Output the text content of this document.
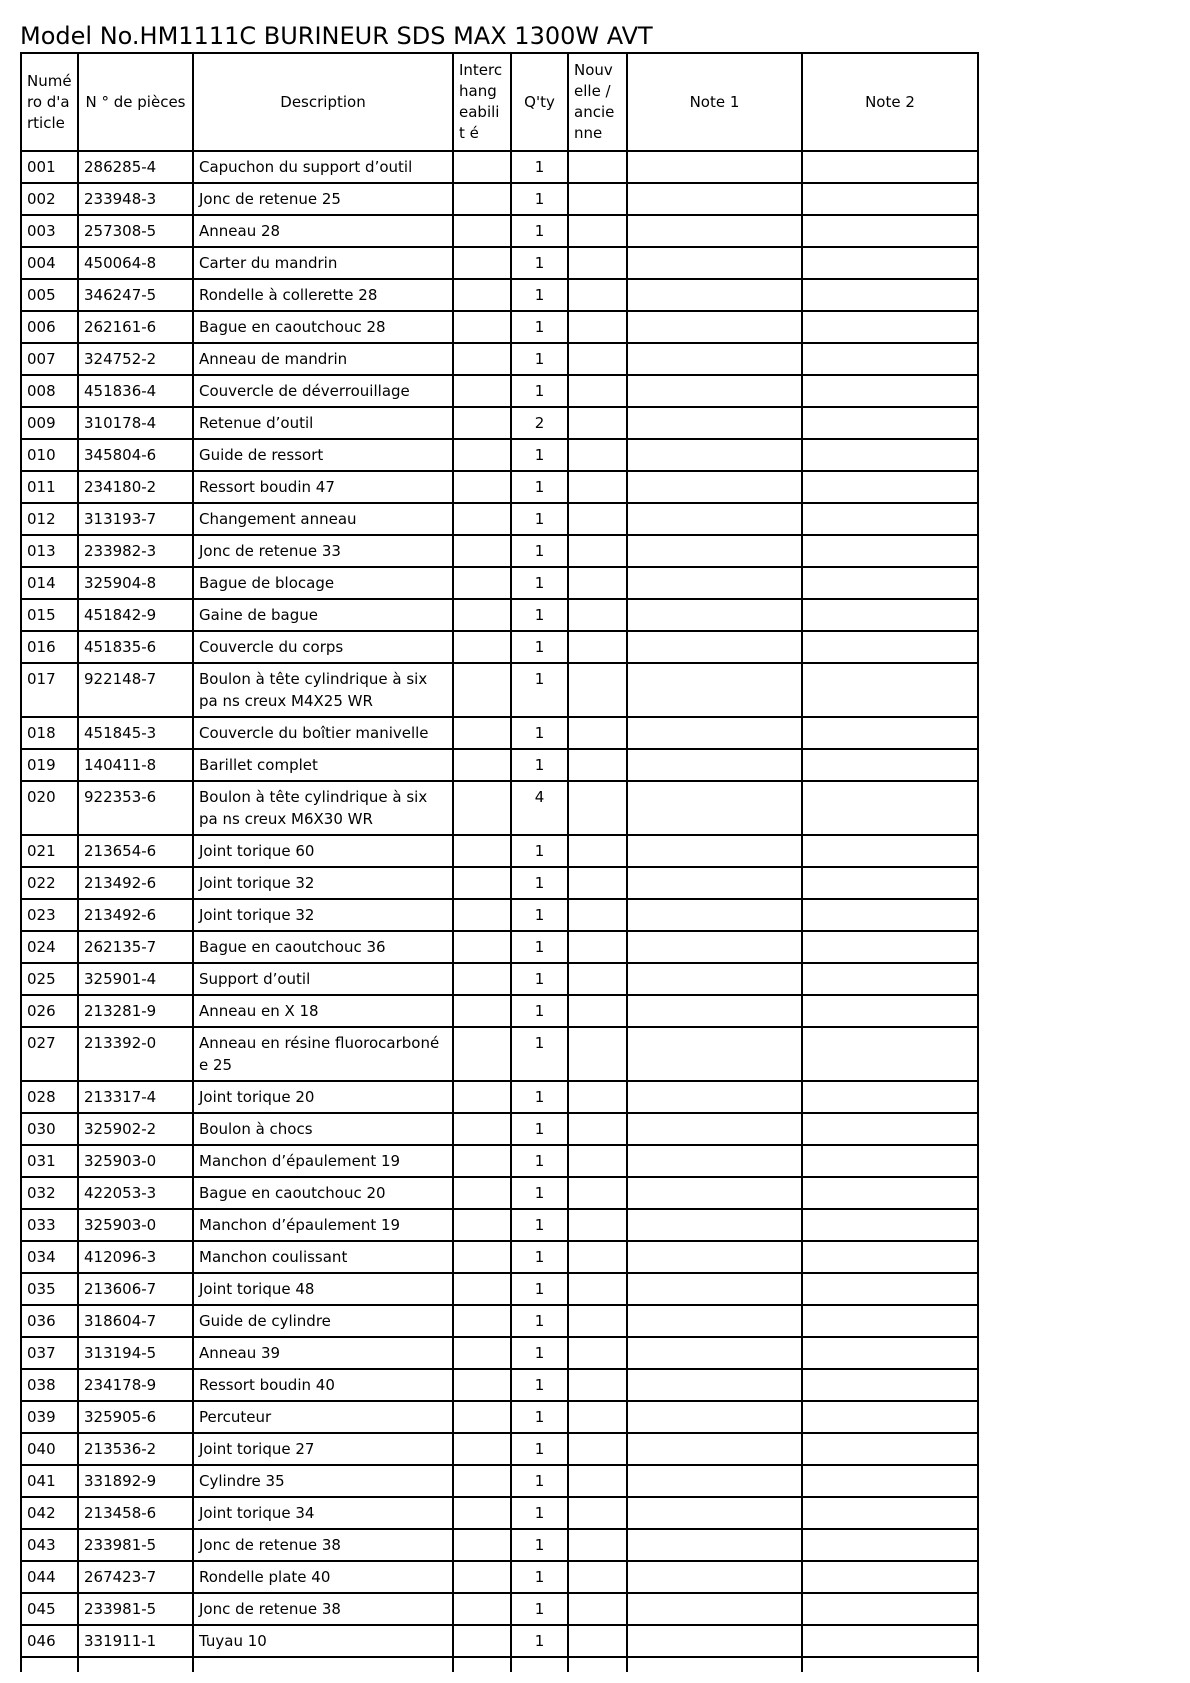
Model No.HM1111C BURINEUR SDS MAX 1300W AVT
Numé ro d'a rticle	N ° de pièces	Description	Interc hang eabilit é	Q'ty	Nouv elle / ancie nne	Note 1	Note 2
001	286285-4	Capuchon du support d’outil		1			
002	233948-3	Jonc de retenue 25		1			
003	257308-5	Anneau 28		1			
004	450064-8	Carter du mandrin		1			
005	346247-5	Rondelle à collerette 28		1			
006	262161-6	Bague en caoutchouc 28		1			
007	324752-2	Anneau de mandrin		1			
008	451836-4	Couvercle de déverrouillage		1			
009	310178-4	Retenue d’outil		2			
010	345804-6	Guide de ressort		1			
011	234180-2	Ressort boudin 47		1			
012	313193-7	Changement anneau		1			
013	233982-3	Jonc de retenue 33		1			
014	325904-8	Bague de blocage		1			
015	451842-9	Gaine de bague		1			
016	451835-6	Couvercle du corps		1			
017	922148-7	Boulon à tête cylindrique à six pa ns creux M4X25 WR		1			
018	451845-3	Couvercle du boîtier manivelle		1			
019	140411-8	Barillet complet		1			
020	922353-6	Boulon à tête cylindrique à six pa ns creux M6X30 WR		4			
021	213654-6	Joint torique 60		1			
022	213492-6	Joint torique 32		1			
023	213492-6	Joint torique 32		1			
024	262135-7	Bague en caoutchouc 36		1			
025	325901-4	Support d’outil		1			
026	213281-9	Anneau en X 18		1			
027	213392-0	Anneau en résine fluorocarboné e 25		1			
028	213317-4	Joint torique 20		1			
030	325902-2	Boulon à chocs		1			
031	325903-0	Manchon d’épaulement 19		1			
032	422053-3	Bague en caoutchouc 20		1			
033	325903-0	Manchon d’épaulement 19		1			
034	412096-3	Manchon coulissant		1			
035	213606-7	Joint torique 48		1			
036	318604-7	Guide de cylindre		1			
037	313194-5	Anneau 39		1			
038	234178-9	Ressort boudin 40		1			
039	325905-6	Percuteur		1			
040	213536-2	Joint torique 27		1			
041	331892-9	Cylindre 35		1			
042	213458-6	Joint torique 34		1			
043	233981-5	Jonc de retenue 38		1			
044	267423-7	Rondelle plate 40		1			
045	233981-5	Jonc de retenue 38		1			
046	331911-1	Tuyau 10		1			
